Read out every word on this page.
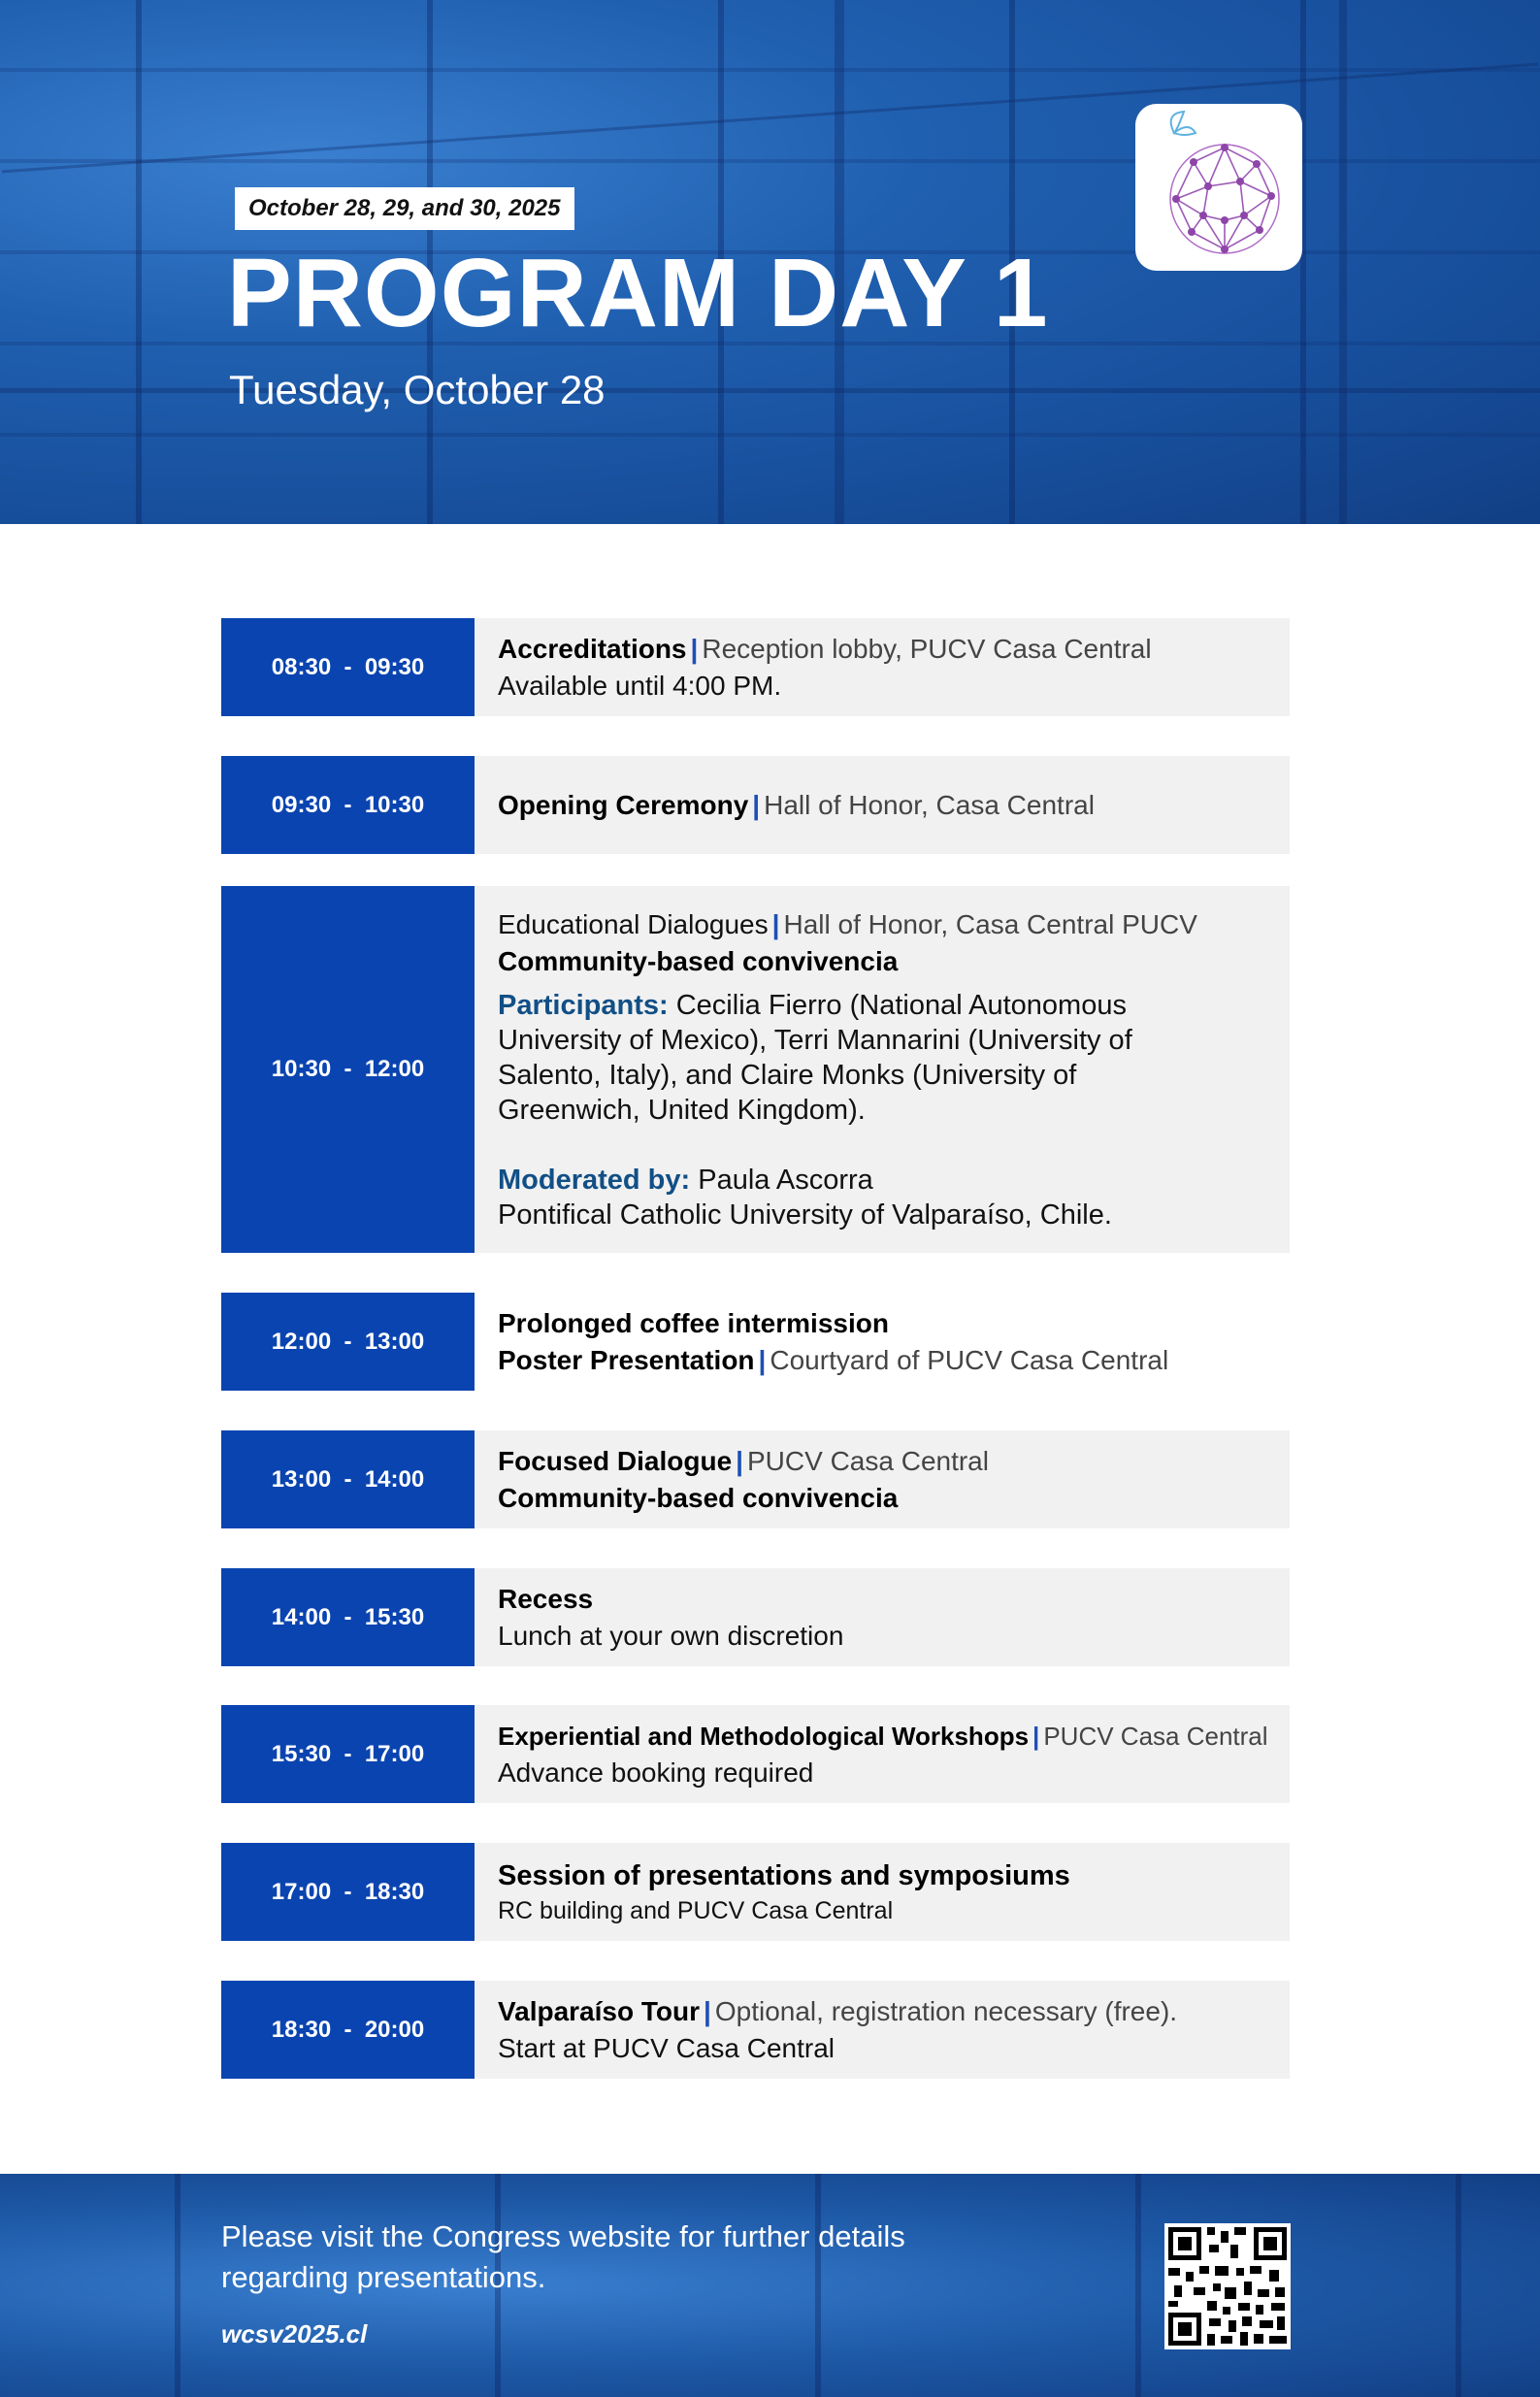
October 28, 29, and 30, 2025
PROGRAM DAY 1
Tuesday, October 28
08:30  -  09:30
Accreditations | Reception lobby, PUCV Casa Central
Available until 4:00 PM.
09:30  -  10:30	Opening Ceremony | Hall of Honor, Casa Central
10:30  -  12:00
Educational Dialogues | Hall of Honor, Casa Central PUCV
Community-based convivencia
Participants: Cecilia Fierro (National Autonomous
University of Mexico), Terri Mannarini (University of
Salento, Italy), and Claire Monks (University of
Greenwich, United Kingdom).
Moderated by: Paula Ascorra
Pontifical Catholic University of Valparaíso, Chile.
12:00  -  13:00
Prolonged coffee intermission
Poster Presentation | Courtyard of PUCV Casa Central
13:00  -  14:00
Focused Dialogue | PUCV Casa Central
Community-based convivencia
14:00  -  15:30
Recess
Lunch at your own discretion
15:30  -  17:00
Experiential and Methodological Workshops | PUCV Casa Central
Advance booking required
17:00  -  18:30
Session of presentations and symposiums
RC building and PUCV Casa Central
18:30  -  20:00
Valparaíso Tour | Optional, registration necessary (free).
Start at PUCV Casa Central
Please visit the Congress website for further details
regarding presentations.
wcsv2025.cl
